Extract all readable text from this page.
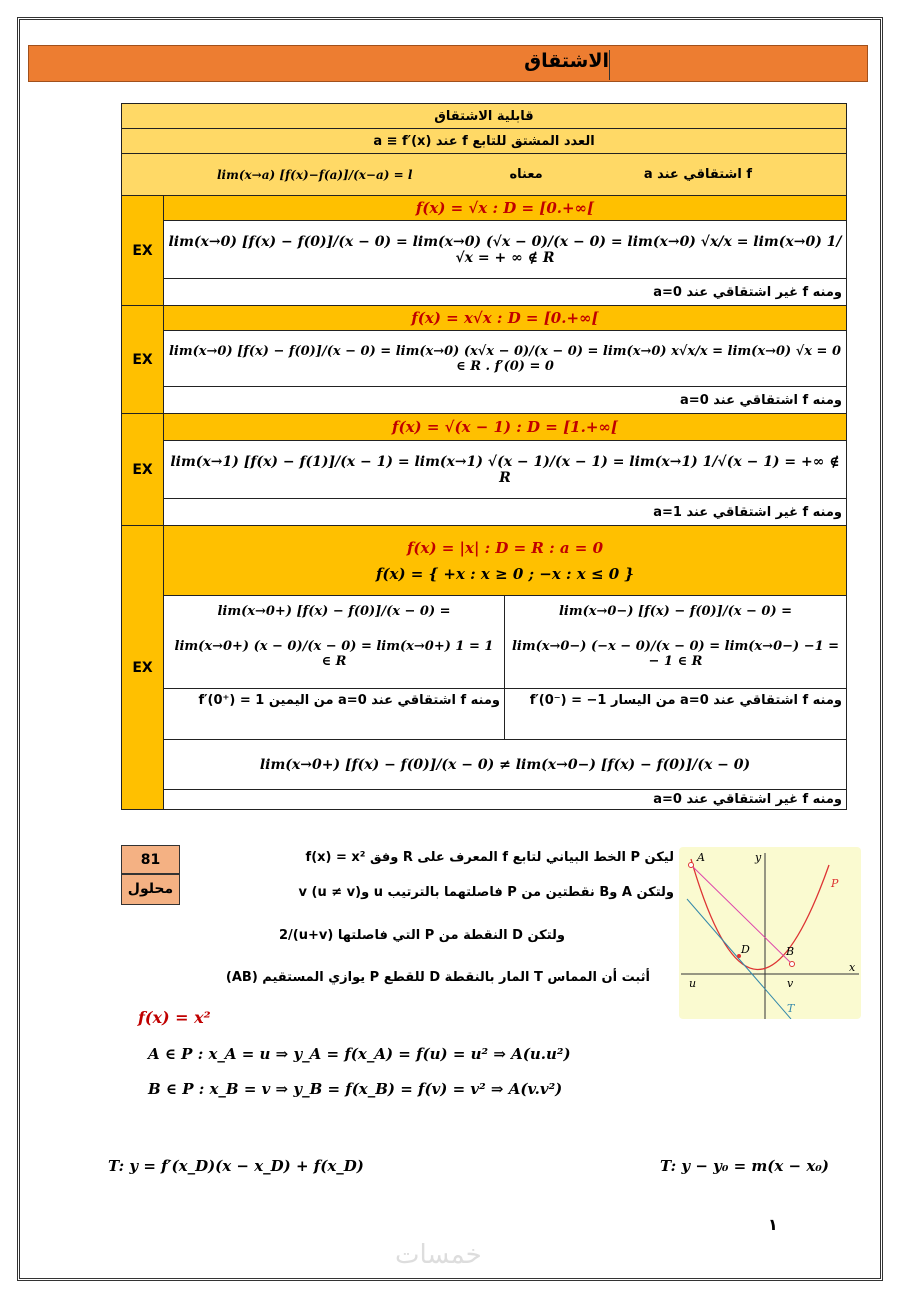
الاشتقاق
قابلية الاشتقاق	
العدد المشتق للتابع f عند a ≡ f′(x)	

lim(x→a) [f(x)−f(a)]/(x−a) = l معناه f اشتقاقي عند a	

EX	f(x) = √x : D = [0.+∞[
	lim(x→0) [f(x) − f(0)]/(x − 0) = lim(x→0) (√x − 0)/(x − 0) = lim(x→0) √x/x = lim(x→0) 1/√x = + ∞ ∉ R
	ومنه f غير اشتقاقي عند a=0
EX	f(x) = x√x : D = [0.+∞[
	lim(x→0) [f(x) − f(0)]/(x − 0) = lim(x→0) (x√x − 0)/(x − 0) = lim(x→0) x√x/x = lim(x→0) √x = 0 ∈ R . f′(0) = 0
	ومنه f اشتقاقي عند a=0
EX	f(x) = √(x − 1) : D = [1.+∞[
	lim(x→1) [f(x) − f(1)]/(x − 1) = lim(x→1) √(x − 1)/(x − 1) = lim(x→1) 1/√(x − 1) = +∞ ∉ R
	ومنه f غير اشتقاقي عند a=1
EX	f(x) = |x| : D = R : a = 0
f(x) = { +x : x ≥ 0 ; −x : x ≤ 0 }

	lim(x→0+) [f(x) − f(0)]/(x − 0) =
lim(x→0+) (x − 0)/(x − 0) = lim(x→0+) 1 = 1 ∈ R
lim(x→0−) [f(x) − f(0)]/(x − 0) =
lim(x→0−) (−x − 0)/(x − 0) = lim(x→0−) −1 = − 1 ∈ R

	ومنه f اشتقاقي عند a=0 من اليمين f′(0⁺) = 1 ومنه f اشتقاقي عند a=0 من اليسار f′(0⁻) = −1

	lim(x→0+) [f(x) − f(0)]/(x − 0) ≠ lim(x→0−) [f(x) − f(0)]/(x − 0)
	ومنه f غير اشتقاقي عند a=0
81
محلول
ليكن P الخط البياني لتابع f المعرف على R وفق f(x) = x²
ولتكن A وB نقطتين من P فاصلتهما بالترتيب u وv (u ≠ v)
ولتكن D النقطة من P التي فاصلتها (u+v)/2
أثبت أن المماس T المار بالنقطة D للقطع P يوازي المستقيم (AB)
A
B
D
P
T
x
y
u	v
f(x) = x²
A ∈ P : x_A = u ⇒ y_A = f(x_A) = f(u) = u² ⇒ A(u.u²)
B ∈ P : x_B = v ⇒ y_B = f(x_B) = f(v) = v² ⇒ A(v.v²)
T: y = f′(x_D)(x − x_D) + f(x_D)	T: y − y₀ = m(x − x₀)
١
خمسات
